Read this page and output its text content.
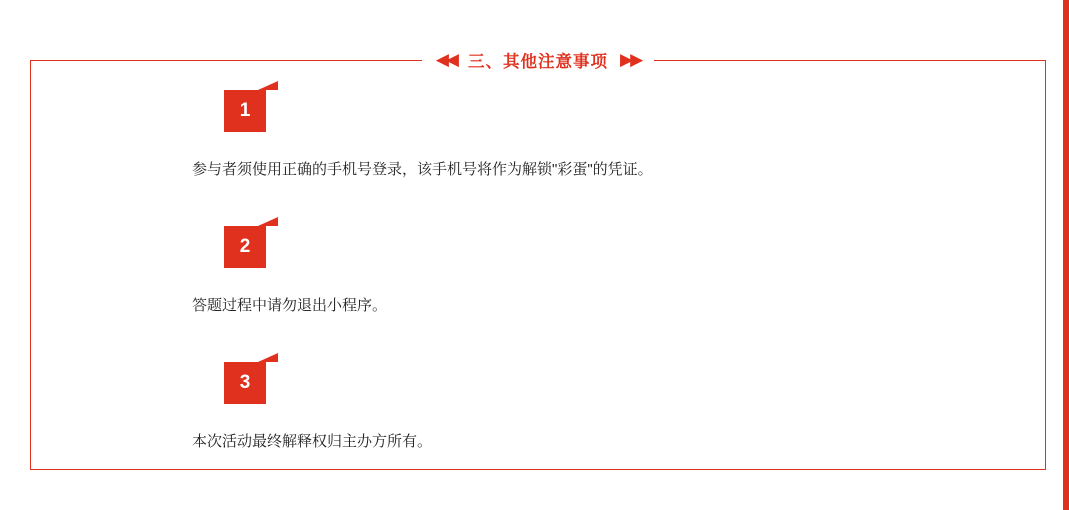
◀◀ 三、其他注意事项 ▶▶
1
参与者须使用正确的手机号登录，该手机号将作为解锁"彩蛋"的凭证。
2
答题过程中请勿退出小程序。
3
本次活动最终解释权归主办方所有。
